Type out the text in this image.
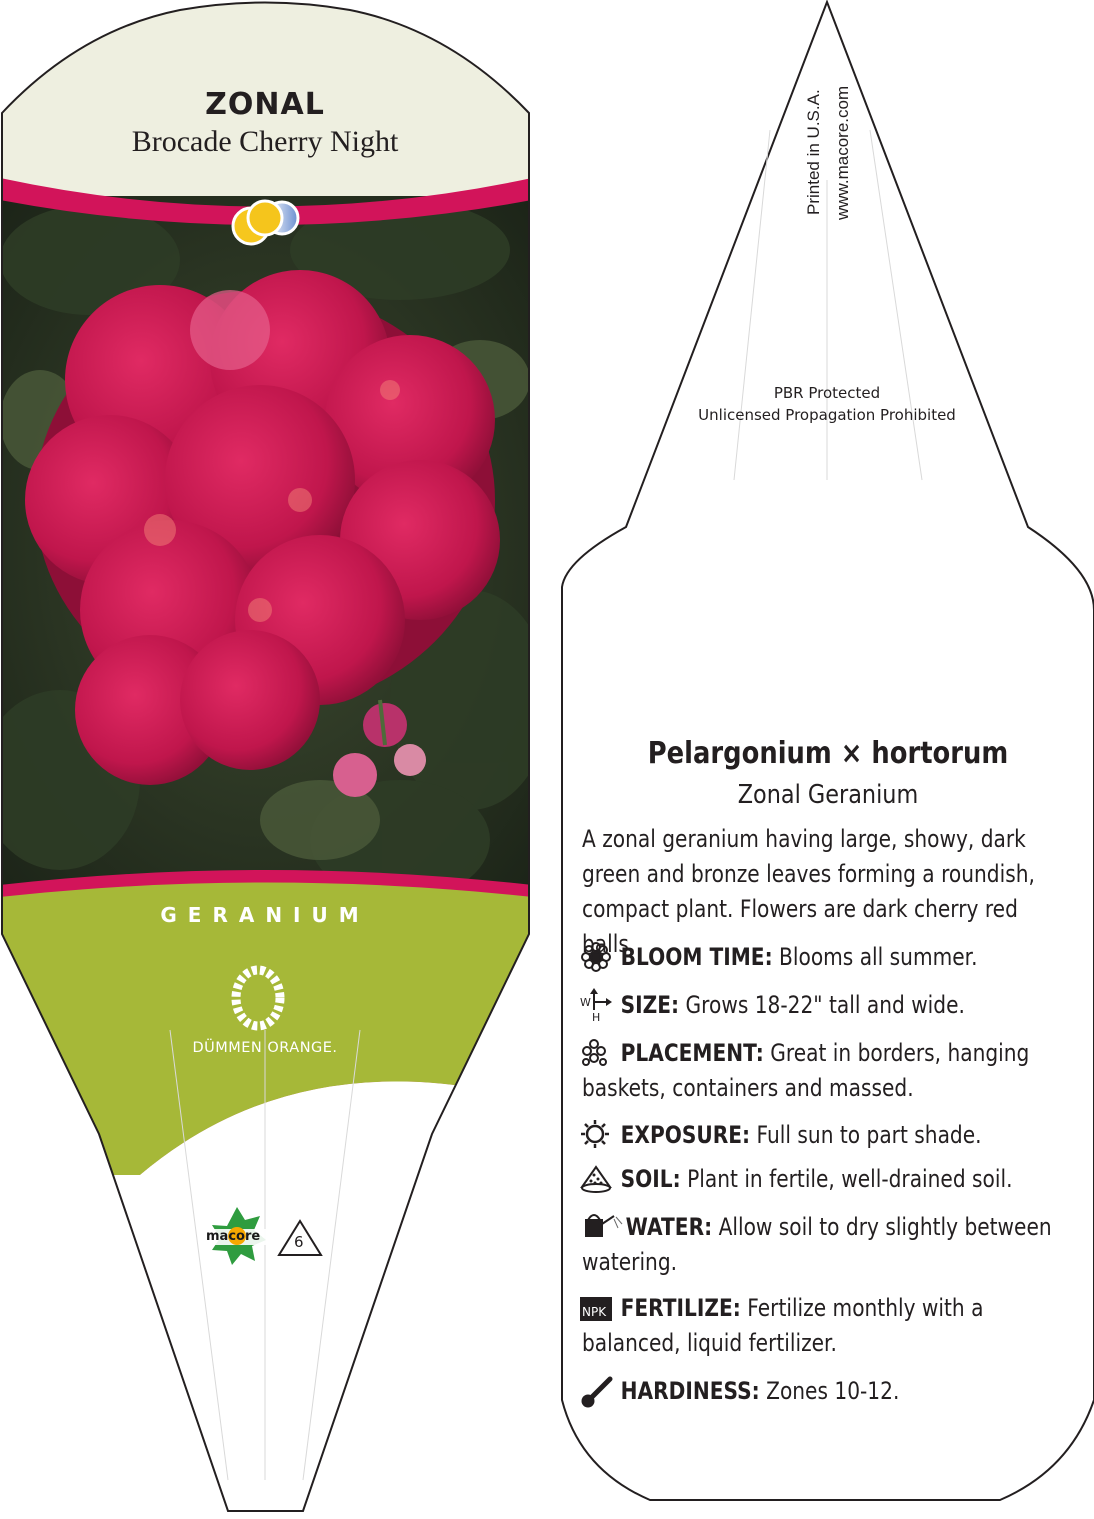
W
H
NPK
ZONAL
Brocade Cherry Night
GERANIUM
DÜMMEN ORANGE.
macore 6
Printed in U.S.A. www.macore.com
PBR Protected
Unlicensed Propagation Prohibited
Pelargonium × hortorum
Zonal Geranium
A zonal geranium having large, showy, dark green and bronze leaves forming a roundish, compact plant. Flowers are dark cherry red balls.
BLOOM TIME: Blooms all summer.
SIZE: Grows 18-22" tall and wide.
PLACEMENT: Great in borders, hanging baskets, containers and massed.
EXPOSURE: Full sun to part shade.
SOIL: Plant in fertile, well-drained soil.
WATER: Allow soil to dry slightly between watering.
FERTILIZE: Fertilize monthly with a balanced, liquid fertilizer.
HARDINESS: Zones 10-12.
